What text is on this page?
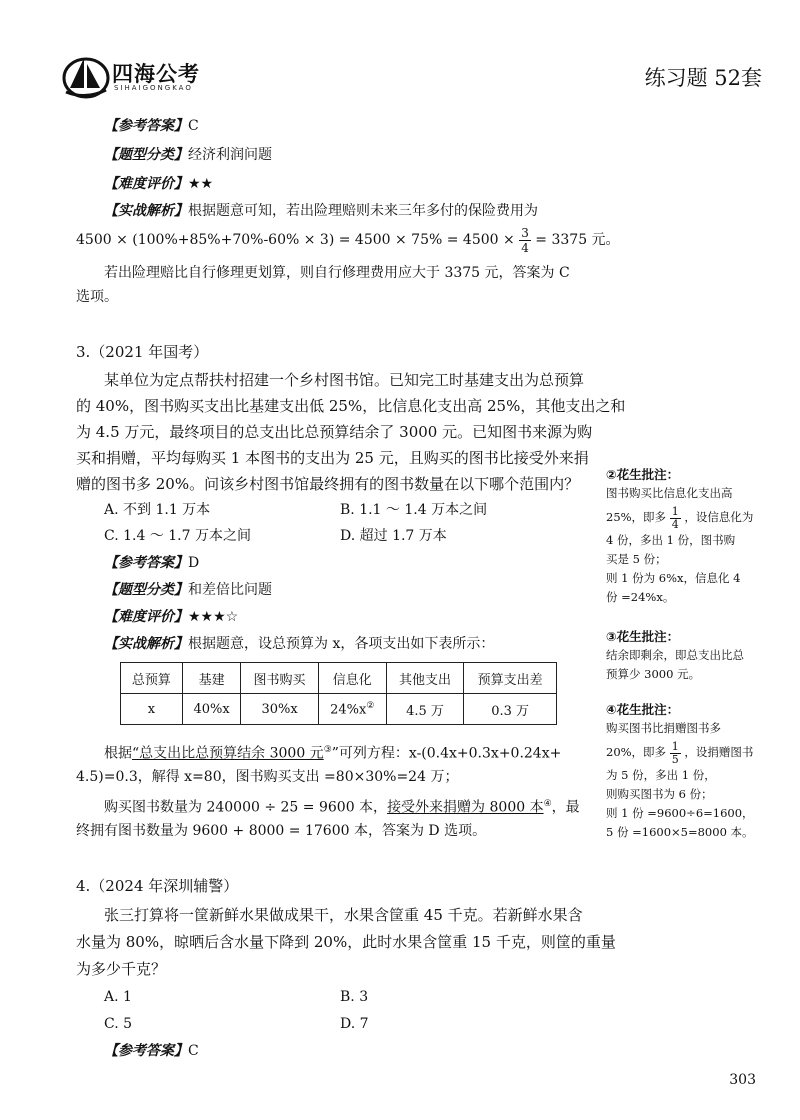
四海公考
SIHAIGONGKAO	练习题 52套
【参考答案】C
【题型分类】经济利润问题
【难度评价】★★
【实战解析】根据题意可知，若出险理赔则未来三年多付的保险费用为
$4500 \times (100\%+85\%+70\%-60\% \times 3) = 4500 \times 75\% = 4500 \times \frac{3}{4} = 3375$ 元。
若出险理赔比自行修理更划算，则自行修理费用应大于 3375 元，答案为 C
选项。
3.（2021 年国考）
某单位为定点帮扶村招建一个乡村图书馆。已知完工时基建支出为总预算
的 40%，图书购买支出比基建支出低 25%，比信息化支出高 25%，其他支出之和
为 4.5 万元，最终项目的总支出比总预算结余了 3000 元。已知图书来源为购
买和捐赠，平均每购买 1 本图书的支出为 25 元，且购买的图书比接受外来捐
赠的图书多 20%。问该乡村图书馆最终拥有的图书数量在以下哪个范围内？
A. 不到 1.1 万本	B. 1.1 ～ 1.4 万本之间
C. 1.4 ～ 1.7 万本之间	D. 超过 1.7 万本
【参考答案】D
【题型分类】和差倍比问题
【难度评价】★★★☆
【实战解析】根据题意，设总预算为 x，各项支出如下表所示：
总预算	基建	图书购买	信息化	其他支出	预算支出差
x	40%x	30%x	24%x②	4.5 万	0.3 万
根据“总支出比总预算结余 3000 元③”可列方程：x-(0.4x+0.3x+0.24x+
4.5)=0.3，解得 x=80，图书购买支出 =80×30%=24 万；
购买图书数量为 240000 ÷ 25 = 9600 本，接受外来捐赠为 8000 本④，最
终拥有图书数量为 9600 + 8000 = 17600 本，答案为 D 选项。
②花生批注：
图书购买比信息化支出高
25%，即多 $\frac{1}{4}$ ，设信息化为
4 份，多出 1 份，图书购
买是 5 份；
则 1 份为 6%x，信息化 4
份 =24%x。
③花生批注：
结余即剩余，即总支出比总
预算少 3000 元。
④花生批注：
购买图书比捐赠图书多
20%，即多 $\frac{1}{5}$ ，设捐赠图书
为 5 份，多出 1 份，
则购买图书为 6 份；
则 1 份 =9600÷6=1600，
5 份 =1600×5=8000 本。
4.（2024 年深圳辅警）
张三打算将一筐新鲜水果做成果干，水果含筐重 45 千克。若新鲜水果含
水量为 80%，晾晒后含水量下降到 20%，此时水果含筐重 15 千克，则筐的重量
为多少千克？
A. 1	B. 3
C. 5	D. 7
【参考答案】C
303
